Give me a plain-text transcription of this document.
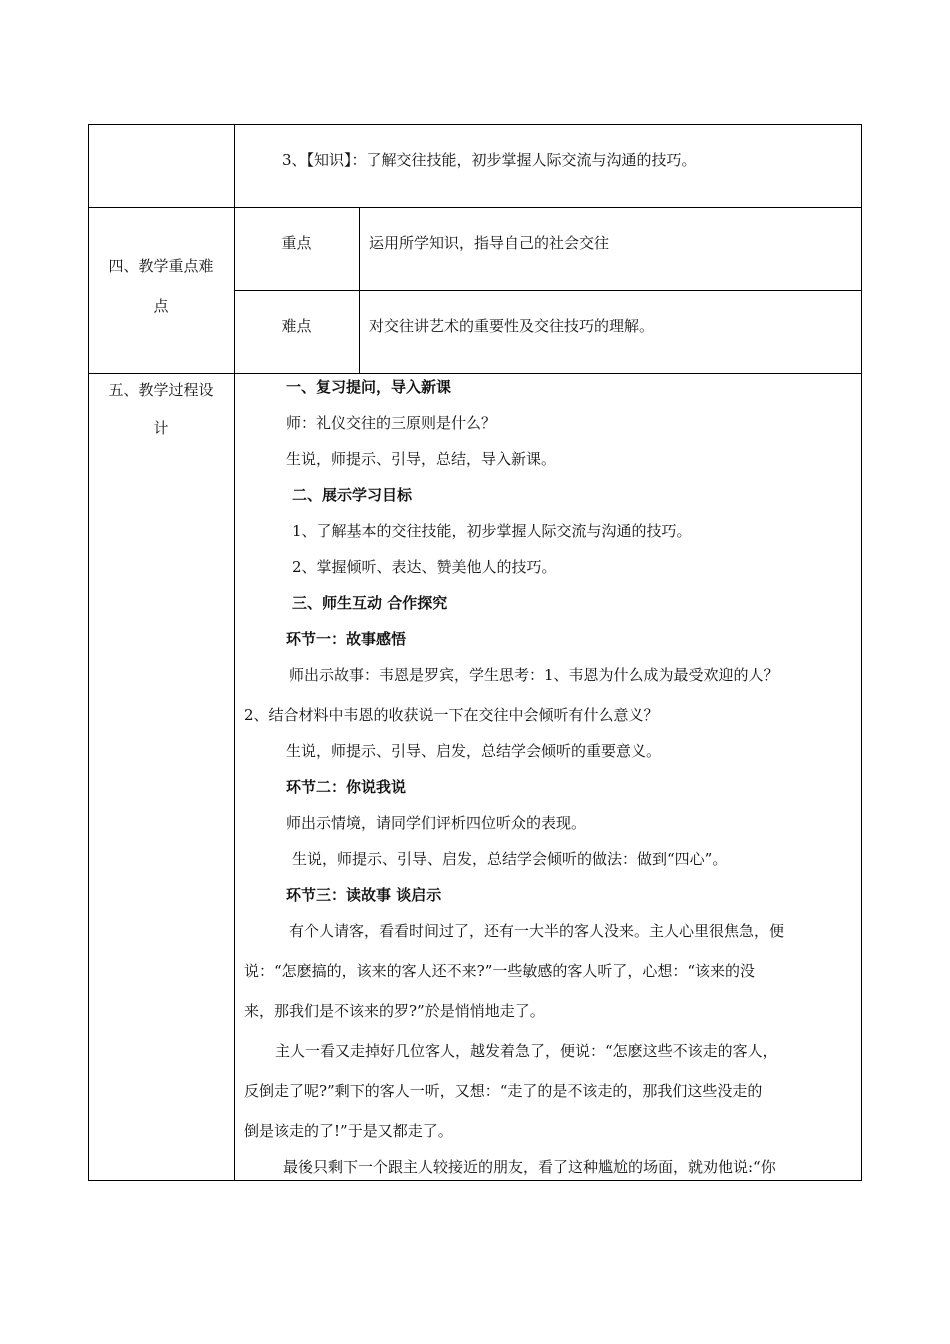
3、【知识】：了解交往技能，初步掌握人际交流与沟通的技巧。
四、教学重点难
点
重点	运用所学知识，指导自己的社会交往
难点	对交往讲艺术的重要性及交往技巧的理解。
五、教学过程设
计
一、复习提问，导入新课
师：礼仪交往的三原则是什么？
生说，师提示、引导，总结，导入新课。
二、展示学习目标
1、了解基本的交往技能，初步掌握人际交流与沟通的技巧。
2、掌握倾听、表达、赞美他人的技巧。
三、师生互动 合作探究
环节一：故事感悟
师出示故事：韦恩是罗宾，学生思考：1、韦恩为什么成为最受欢迎的人？
2、结合材料中韦恩的收获说一下在交往中会倾听有什么意义？
生说，师提示、引导、启发，总结学会倾听的重要意义。
环节二：你说我说
师出示情境，请同学们评析四位听众的表现。
生说，师提示、引导、启发，总结学会倾听的做法：做到“四心”。
环节三：读故事 谈启示
有个人请客，看看时间过了，还有一大半的客人没来。主人心里很焦急，便
说：“怎麽搞的，该来的客人还不来?”一些敏感的客人听了，心想：“该来的没
来，那我们是不该来的罗?”於是悄悄地走了。
主人一看又走掉好几位客人，越发着急了，便说：“怎麽这些不该走的客人，
反倒走了呢?”剩下的客人一听，又想：“走了的是不该走的，那我们这些没走的
倒是该走的了!”于是又都走了。
最後只剩下一个跟主人较接近的朋友，看了这种尴尬的场面，就劝他说:“你
